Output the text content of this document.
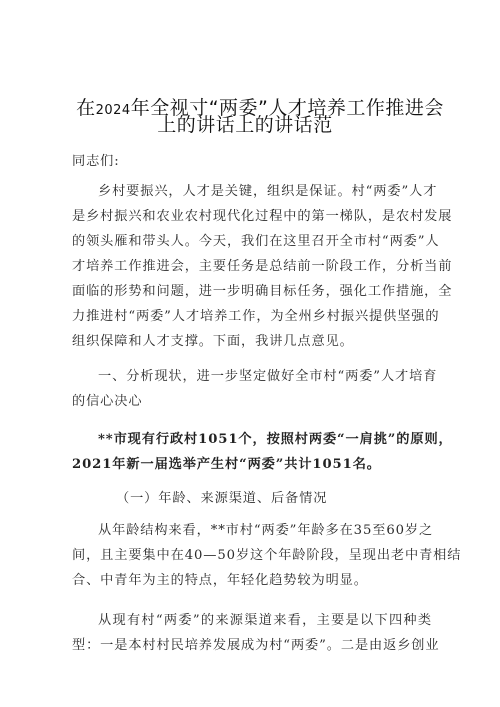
在2024年全视寸“两委”人才培养工作推进会
上的讲话上的讲话范
同志们:
乡村要振兴，人才是关键，组织是保证。村“两委”人才
是乡村振兴和农业农村现代化过程中的第一梯队，是农村发展
的领头雁和带头人。今天，我们在这里召开全市村“两委”人
才培养工作推进会，主要任务是总结前一阶段工作，分析当前
面临的形势和问题，进一步明确目标任务，强化工作措施，全
力推进村“两委”人才培养工作，为全州乡村振兴提供坚强的
组织保障和人才支撑。下面，我讲几点意见。
一、分析现状，进一步坚定做好全市村“两委”人才培育
的信心决心
**市现有行政村1051个，按照村两委“一肩挑”的原则，
2021年新一届选举产生村“两委”共计1051名。
（一）年龄、来源渠道、后备情况
从年龄结构来看，**市村“两委”年龄多在35至60岁之
间，且主要集中在40—50岁这个年龄阶段，呈现出老中青相结
合、中青年为主的特点，年轻化趋势较为明显。
从现有村“两委”的来源渠道来看，主要是以下四种类
型：一是本村村民培养发展成为村“两委”。二是由返乡创业
